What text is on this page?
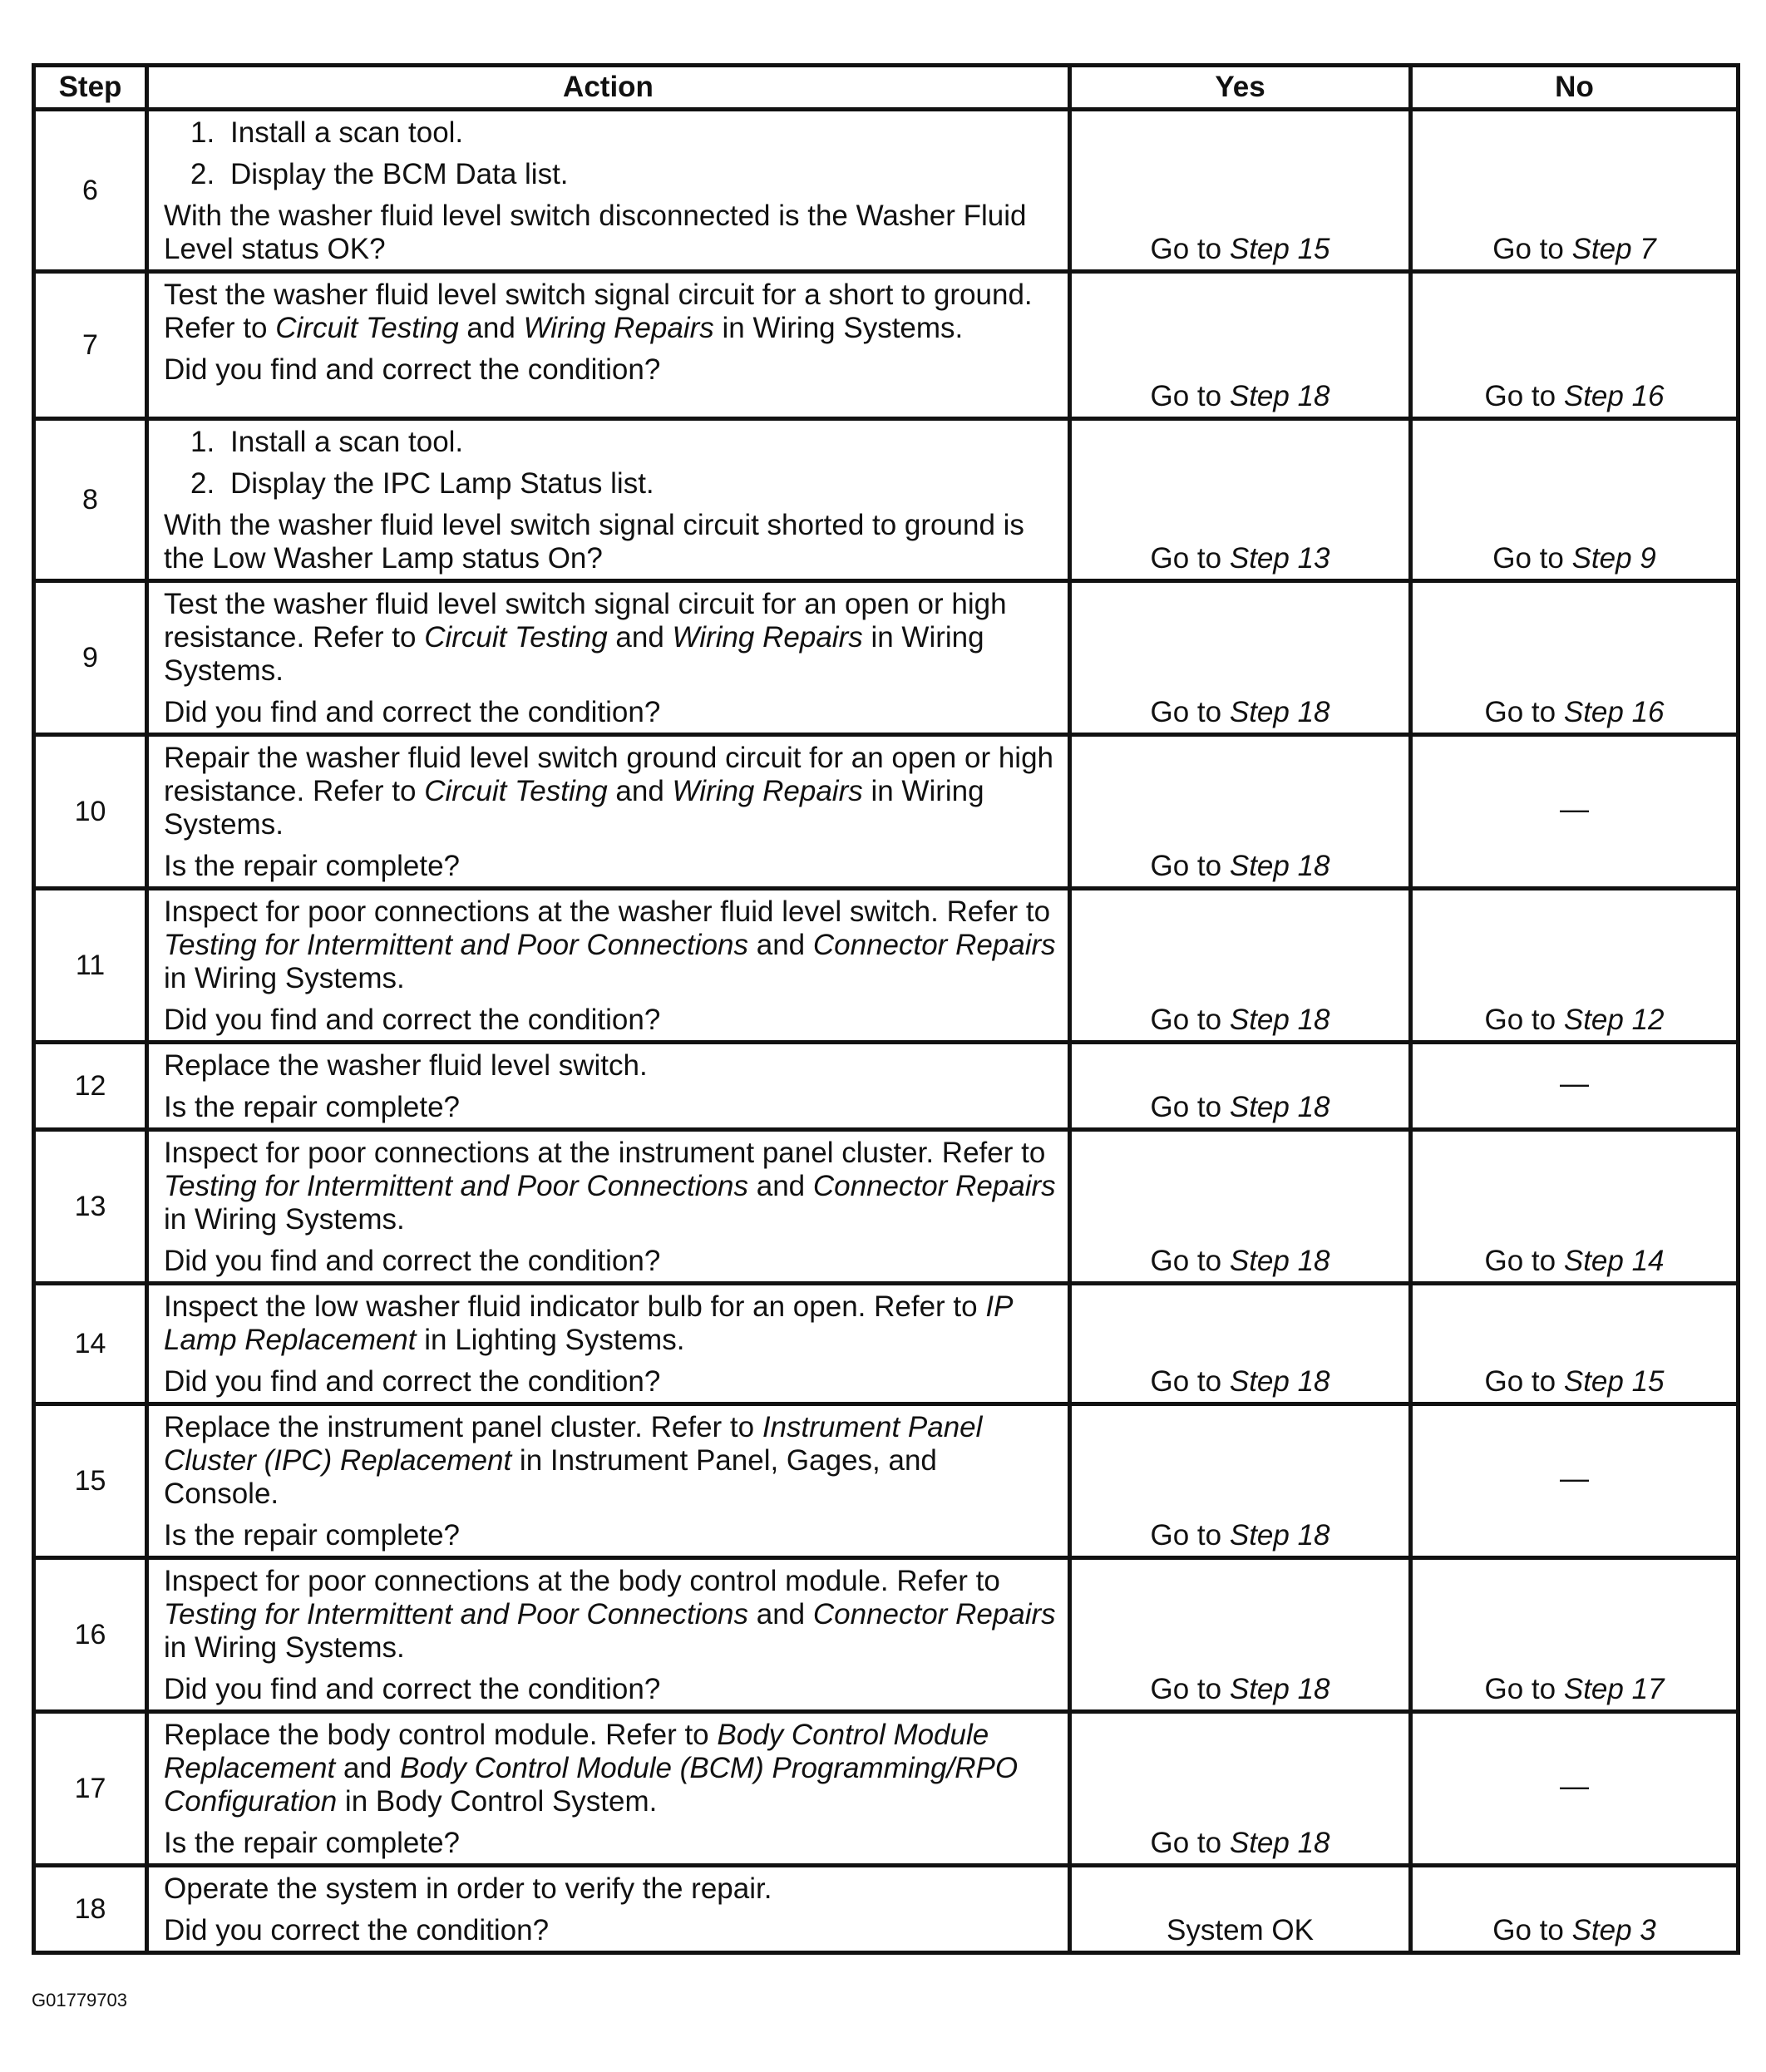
Step	Action	Yes	No
6	1. Install a scan tool.
2. Display the BCM Data list.
With the washer fluid level switch disconnected is the Washer Fluid Level status OK?	Go to Step 15	Go to Step 7
7	Test the washer fluid level switch signal circuit for a short to ground. Refer to Circuit Testing and Wiring Repairs in Wiring Systems.
Did you find and correct the condition?	Go to Step 18	Go to Step 16
8	1. Install a scan tool.
2. Display the IPC Lamp Status list.
With the washer fluid level switch signal circuit shorted to ground is the Low Washer Lamp status On?	Go to Step 13	Go to Step 9
9	Test the washer fluid level switch signal circuit for an open or high resistance. Refer to Circuit Testing and Wiring Repairs in Wiring Systems.
Did you find and correct the condition?	Go to Step 18	Go to Step 16
10	Repair the washer fluid level switch ground circuit for an open or high resistance. Refer to Circuit Testing and Wiring Repairs in Wiring Systems.
Is the repair complete?	Go to Step 18	—
11	Inspect for poor connections at the washer fluid level switch. Refer to Testing for Intermittent and Poor Connections and Connector Repairs in Wiring Systems.
Did you find and correct the condition?	Go to Step 18	Go to Step 12
12	Replace the washer fluid level switch.
Is the repair complete?	Go to Step 18	—
13	Inspect for poor connections at the instrument panel cluster. Refer to Testing for Intermittent and Poor Connections and Connector Repairs in Wiring Systems.
Did you find and correct the condition?	Go to Step 18	Go to Step 14
14	Inspect the low washer fluid indicator bulb for an open. Refer to IP Lamp Replacement in Lighting Systems.
Did you find and correct the condition?	Go to Step 18	Go to Step 15
15	Replace the instrument panel cluster. Refer to Instrument Panel Cluster (IPC) Replacement in Instrument Panel, Gages, and Console.
Is the repair complete?	Go to Step 18	—
16	Inspect for poor connections at the body control module. Refer to Testing for Intermittent and Poor Connections and Connector Repairs in Wiring Systems.
Did you find and correct the condition?	Go to Step 18	Go to Step 17
17	Replace the body control module. Refer to Body Control Module Replacement and Body Control Module (BCM) Programming/RPO Configuration in Body Control System.
Is the repair complete?	Go to Step 18	—
18	Operate the system in order to verify the repair.
Did you correct the condition?	System OK	Go to Step 3
G01779703
